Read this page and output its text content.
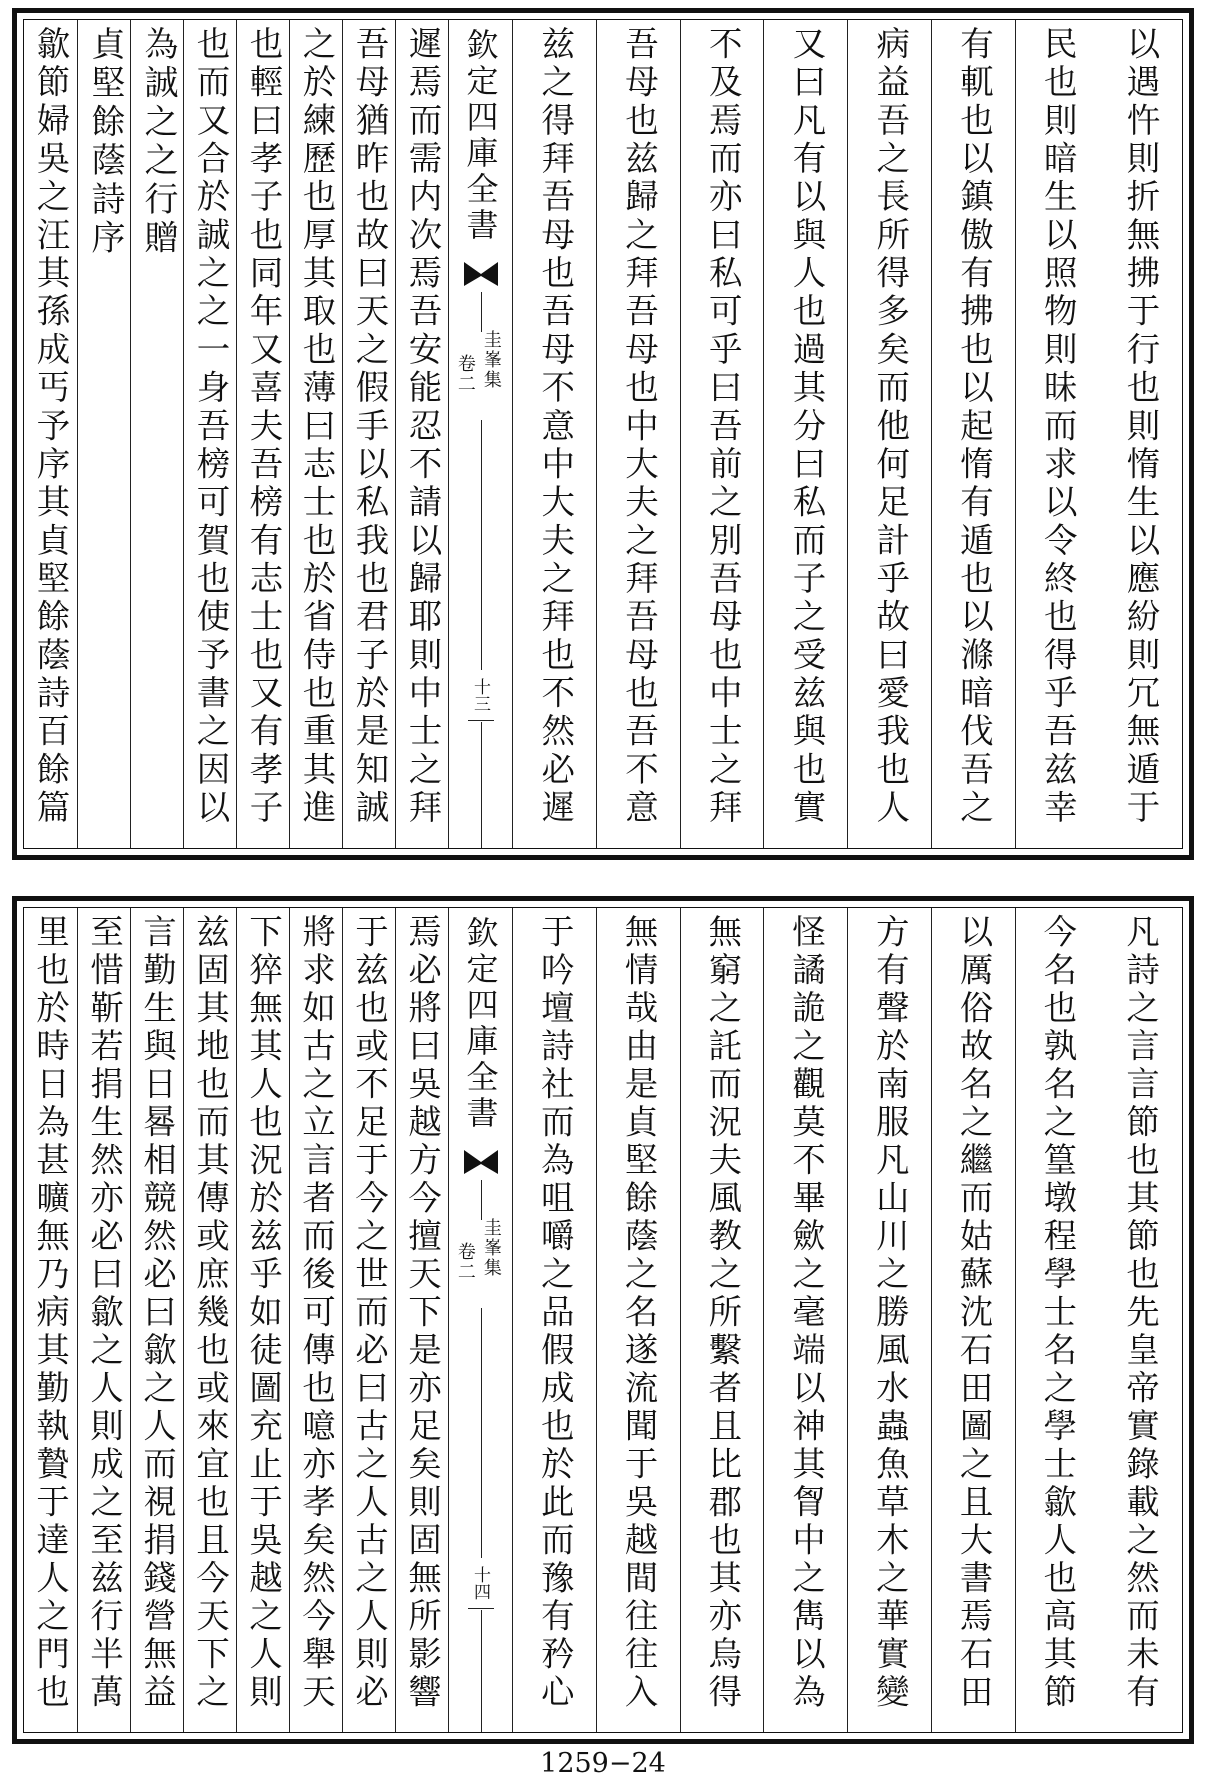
以遇忤則折無拂于行也則惰生以應紛則冗無遁于
民也則暗生以照物則昧而求以令終也得乎吾兹幸
有軏也以鎮傲有拂也以起惰有遁也以滌暗伐吾之
病益吾之長所得多矣而他何足計乎故曰愛我也人
又曰凡有以與人也過其分曰私而子之受兹與也實
不及焉而亦曰私可乎曰吾前之別吾母也中士之拜
吾母也兹歸之拜吾母也中大夫之拜吾母也吾不意
兹之得拜吾母也吾母不意中大夫之拜也不然必遲
欽定四庫全書
圭峯集
卷二
十三
遲焉而需内次焉吾安能忍不請以歸耶則中士之拜
吾母猶昨也故曰天之假手以私我也君子於是知誠
之於練歷也厚其取也薄曰志士也於省侍也重其進
也輕曰孝子也同年又喜夫吾榜有志士也又有孝子
也而又合於誠之之一身吾榜可賀也使予書之因以
為誠之之行贈
貞堅餘蔭詩序
歙節婦吳之汪其孫成丐予序其貞堅餘蔭詩百餘篇
凡詩之言言節也其節也先皇帝實錄載之然而未有
今名也孰名之篁墩程學士名之學士歙人也高其節
以厲俗故名之繼而姑蘇沈石田圖之且大書焉石田
方有聲於南服凡山川之勝風水蟲魚草木之華實變
怪譎詭之觀莫不畢歛之毫端以神其胷中之雋以為
無窮之託而況夫風教之所繫者且比郡也其亦烏得
無情哉由是貞堅餘蔭之名遂流聞于吳越間往往入
于吟壇詩社而為咀嚼之品假成也於此而豫有矜心
欽定四庫全書
圭峯集
卷二
十四
焉必將曰吳越方今擅天下是亦足矣則固無所影響
于兹也或不足于今之世而必曰古之人古之人則必
將求如古之立言者而後可傳也噫亦孝矣然今舉天
下猝無其人也況於兹乎如徒圖充止于吳越之人則
兹固其地也而其傳或庶幾也或來宜也且今天下之
言勤生與日晷相競然必曰歙之人而視捐錢營無益
至惜靳若捐生然亦必曰歙之人則成之至兹行半萬
里也於時日為甚曠無乃病其勤執贄于達人之門也
1259−24
